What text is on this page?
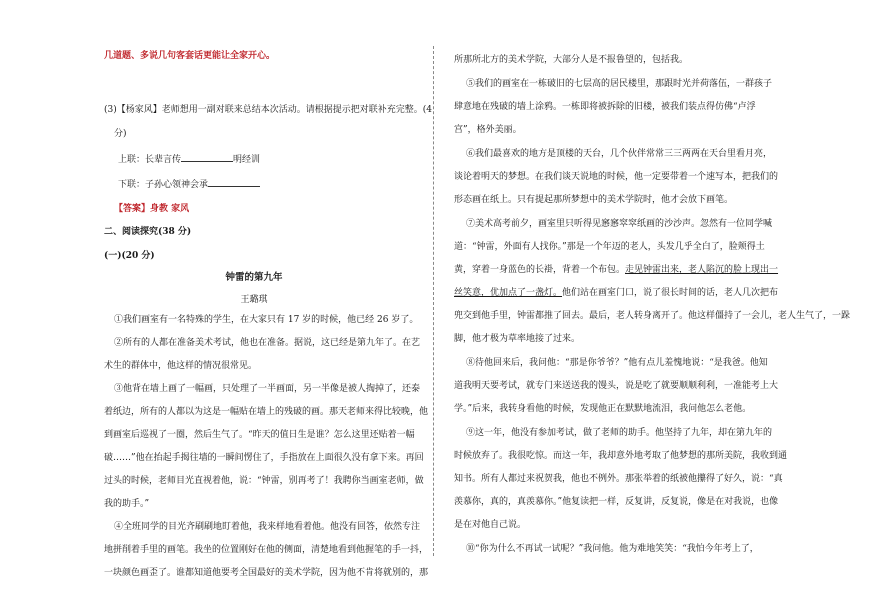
几道题、多说几句客套话更能让全家开心。
(3)【杨家风】老师想用一副对联来总结本次活动。请根据提示把对联补充完整。(4
分)
上联：长辈言传	明经训
下联：子孙心领神会承
【答案】身教 家风
二、阅读探究(38 分)
(一)(20 分)
钟雷的第九年
王璐琪
①我们画室有一名特殊的学生，在大家只有 17 岁的时候，他已经 26 岁了。
②所有的人都在准备美术考试，他也在准备。据说，这已经是第九年了。在艺
术生的群体中，他这样的情况很常见。
③他背在墙上画了一幅画，只处理了一半画面，另一半像是被人掏掉了，还泰
着纸边，所有的人都以为这是一幅贴在墙上的残破的画。那天老师来得比较晚，他
到画室后巡视了一圈，然后生气了。“昨天的值日生是谁？怎么这里还贴着一幅
破……”他在抬起手揭往墙的一瞬间愣住了，手指放在上面很久没有拿下来。再回
过头的时候，老师目光直视着他，说：“钟雷，别再考了！我聘你当画室老师，做
我的助手。”
④全班同学的目光齐刷刷地盯着他，我来样地看着他。他没有回答，依然专注
地拼削着手里的画笔。我坐的位置刚好在他的侧面，清楚地看到他握笔的手一抖，
一块颜色画歪了。谁都知道他要考全国最好的美术学院，因为他不肯将就别的，那
所那所北方的美术学院，大部分人是不报鲁望的，包括我。
⑤我们的画室在一栋破旧的七层高的居民楼里，那跟时光并荷落伍，一群孩子
肆意地在残破的墙上涂鸦。一栋即将被拆除的旧楼，被我们装点得仿佛“卢浮
宫”，格外美丽。
⑥我们最喜欢的地方是顶楼的天台，几个伙伴常常三三两两在天台里看月亮，
谈论着明天的梦想。在我们谈天说地的时候，他一定要带着一个速写本，把我们的
形态画在纸上。只有提起那所梦想中的美术学院时，他才会放下画笔。
⑦美术高考前夕，画室里只听得见窸窸窣窣纸画的沙沙声。忽然有一位同学喊
道：“钟雷，外面有人找你。”那是一个年迈的老人，头发几乎全白了，脸颊得土
黄，穿着一身蓝色的长褂，背着一个布包。走见钟雷出来，老人陷沉的脸上现出一
丝笑意，优加点了一盏灯。他们站在画室门口，说了很长时间的话，老人几次把布
兜交到他手里，钟雷都推了回去。最后，老人转身离开了。他这样僵持了一会儿，老人生气了，一跺
脚，他才极为草率地接了过来。
⑧待他回来后，我问他：“那是你爷爷？”他有点儿羞愧地说：“是我爸。他知
道我明天要考试，就专门来送送我的馒头，说是吃了就要顺顺利利，一准能考上大
学。”后来，我转身看他的时候，发现他正在默默地流泪，我问他怎么老他。
⑨这一年，他没有参加考试，做了老师的助手。他坚持了九年，却在第九年的
时候放弃了。我很吃惊。而这一年，我却意外地考取了他梦想的那所美院，我收到通
知书。所有人都过来祝贺我，他也不例外。那张举着的纸被他攥得了好久，说：“真
羡慕你，真的，真羡慕你。”他复读把一样，反复讲，反复说，像是在对我说，也像
是在对他自己说。
⑩“你为什么不再试一试呢？”我问他。他为难地笑笑：“我怕今年考上了，
